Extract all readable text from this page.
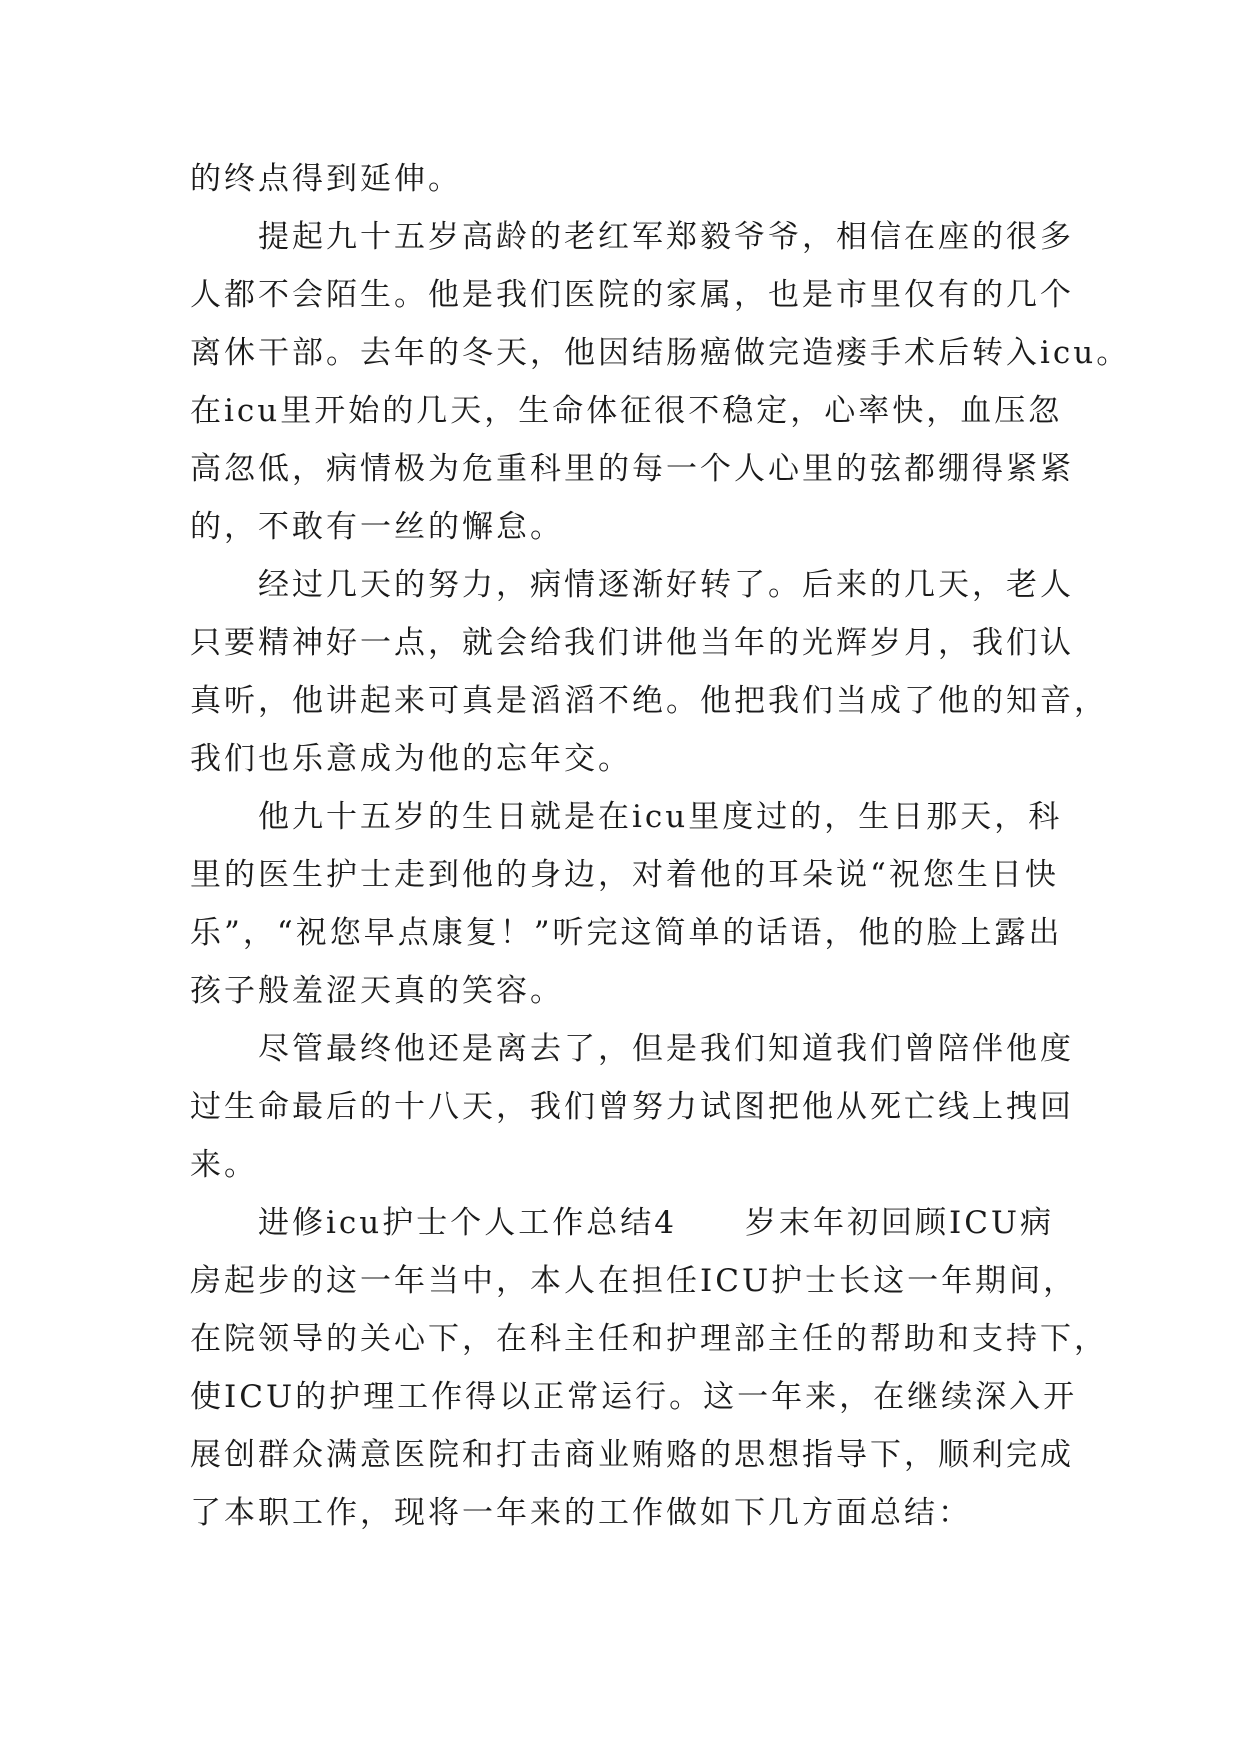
的终点得到延伸。
提起九十五岁高龄的老红军郑毅爷爷，相信在座的很多
人都不会陌生。他是我们医院的家属，也是市里仅有的几个
离休干部。去年的冬天，他因结肠癌做完造瘘手术后转入icu。
在icu里开始的几天，生命体征很不稳定，心率快，血压忽
高忽低，病情极为危重科里的每一个人心里的弦都绷得紧紧
的，不敢有一丝的懈怠。
经过几天的努力，病情逐渐好转了。后来的几天，老人
只要精神好一点，就会给我们讲他当年的光辉岁月，我们认
真听，他讲起来可真是滔滔不绝。他把我们当成了他的知音，
我们也乐意成为他的忘年交。
他九十五岁的生日就是在icu里度过的，生日那天，科
里的医生护士走到他的身边，对着他的耳朵说“祝您生日快
乐”，“祝您早点康复！”听完这简单的话语，他的脸上露出
孩子般羞涩天真的笑容。
尽管最终他还是离去了，但是我们知道我们曾陪伴他度
过生命最后的十八天，我们曾努力试图把他从死亡线上拽回
来。
进修icu护士个人工作总结4　　岁末年初回顾ICU病
房起步的这一年当中，本人在担任ICU护士长这一年期间，
在院领导的关心下，在科主任和护理部主任的帮助和支持下，
使ICU的护理工作得以正常运行。这一年来，在继续深入开
展创群众满意医院和打击商业贿赂的思想指导下，顺利完成
了本职工作，现将一年来的工作做如下几方面总结：
